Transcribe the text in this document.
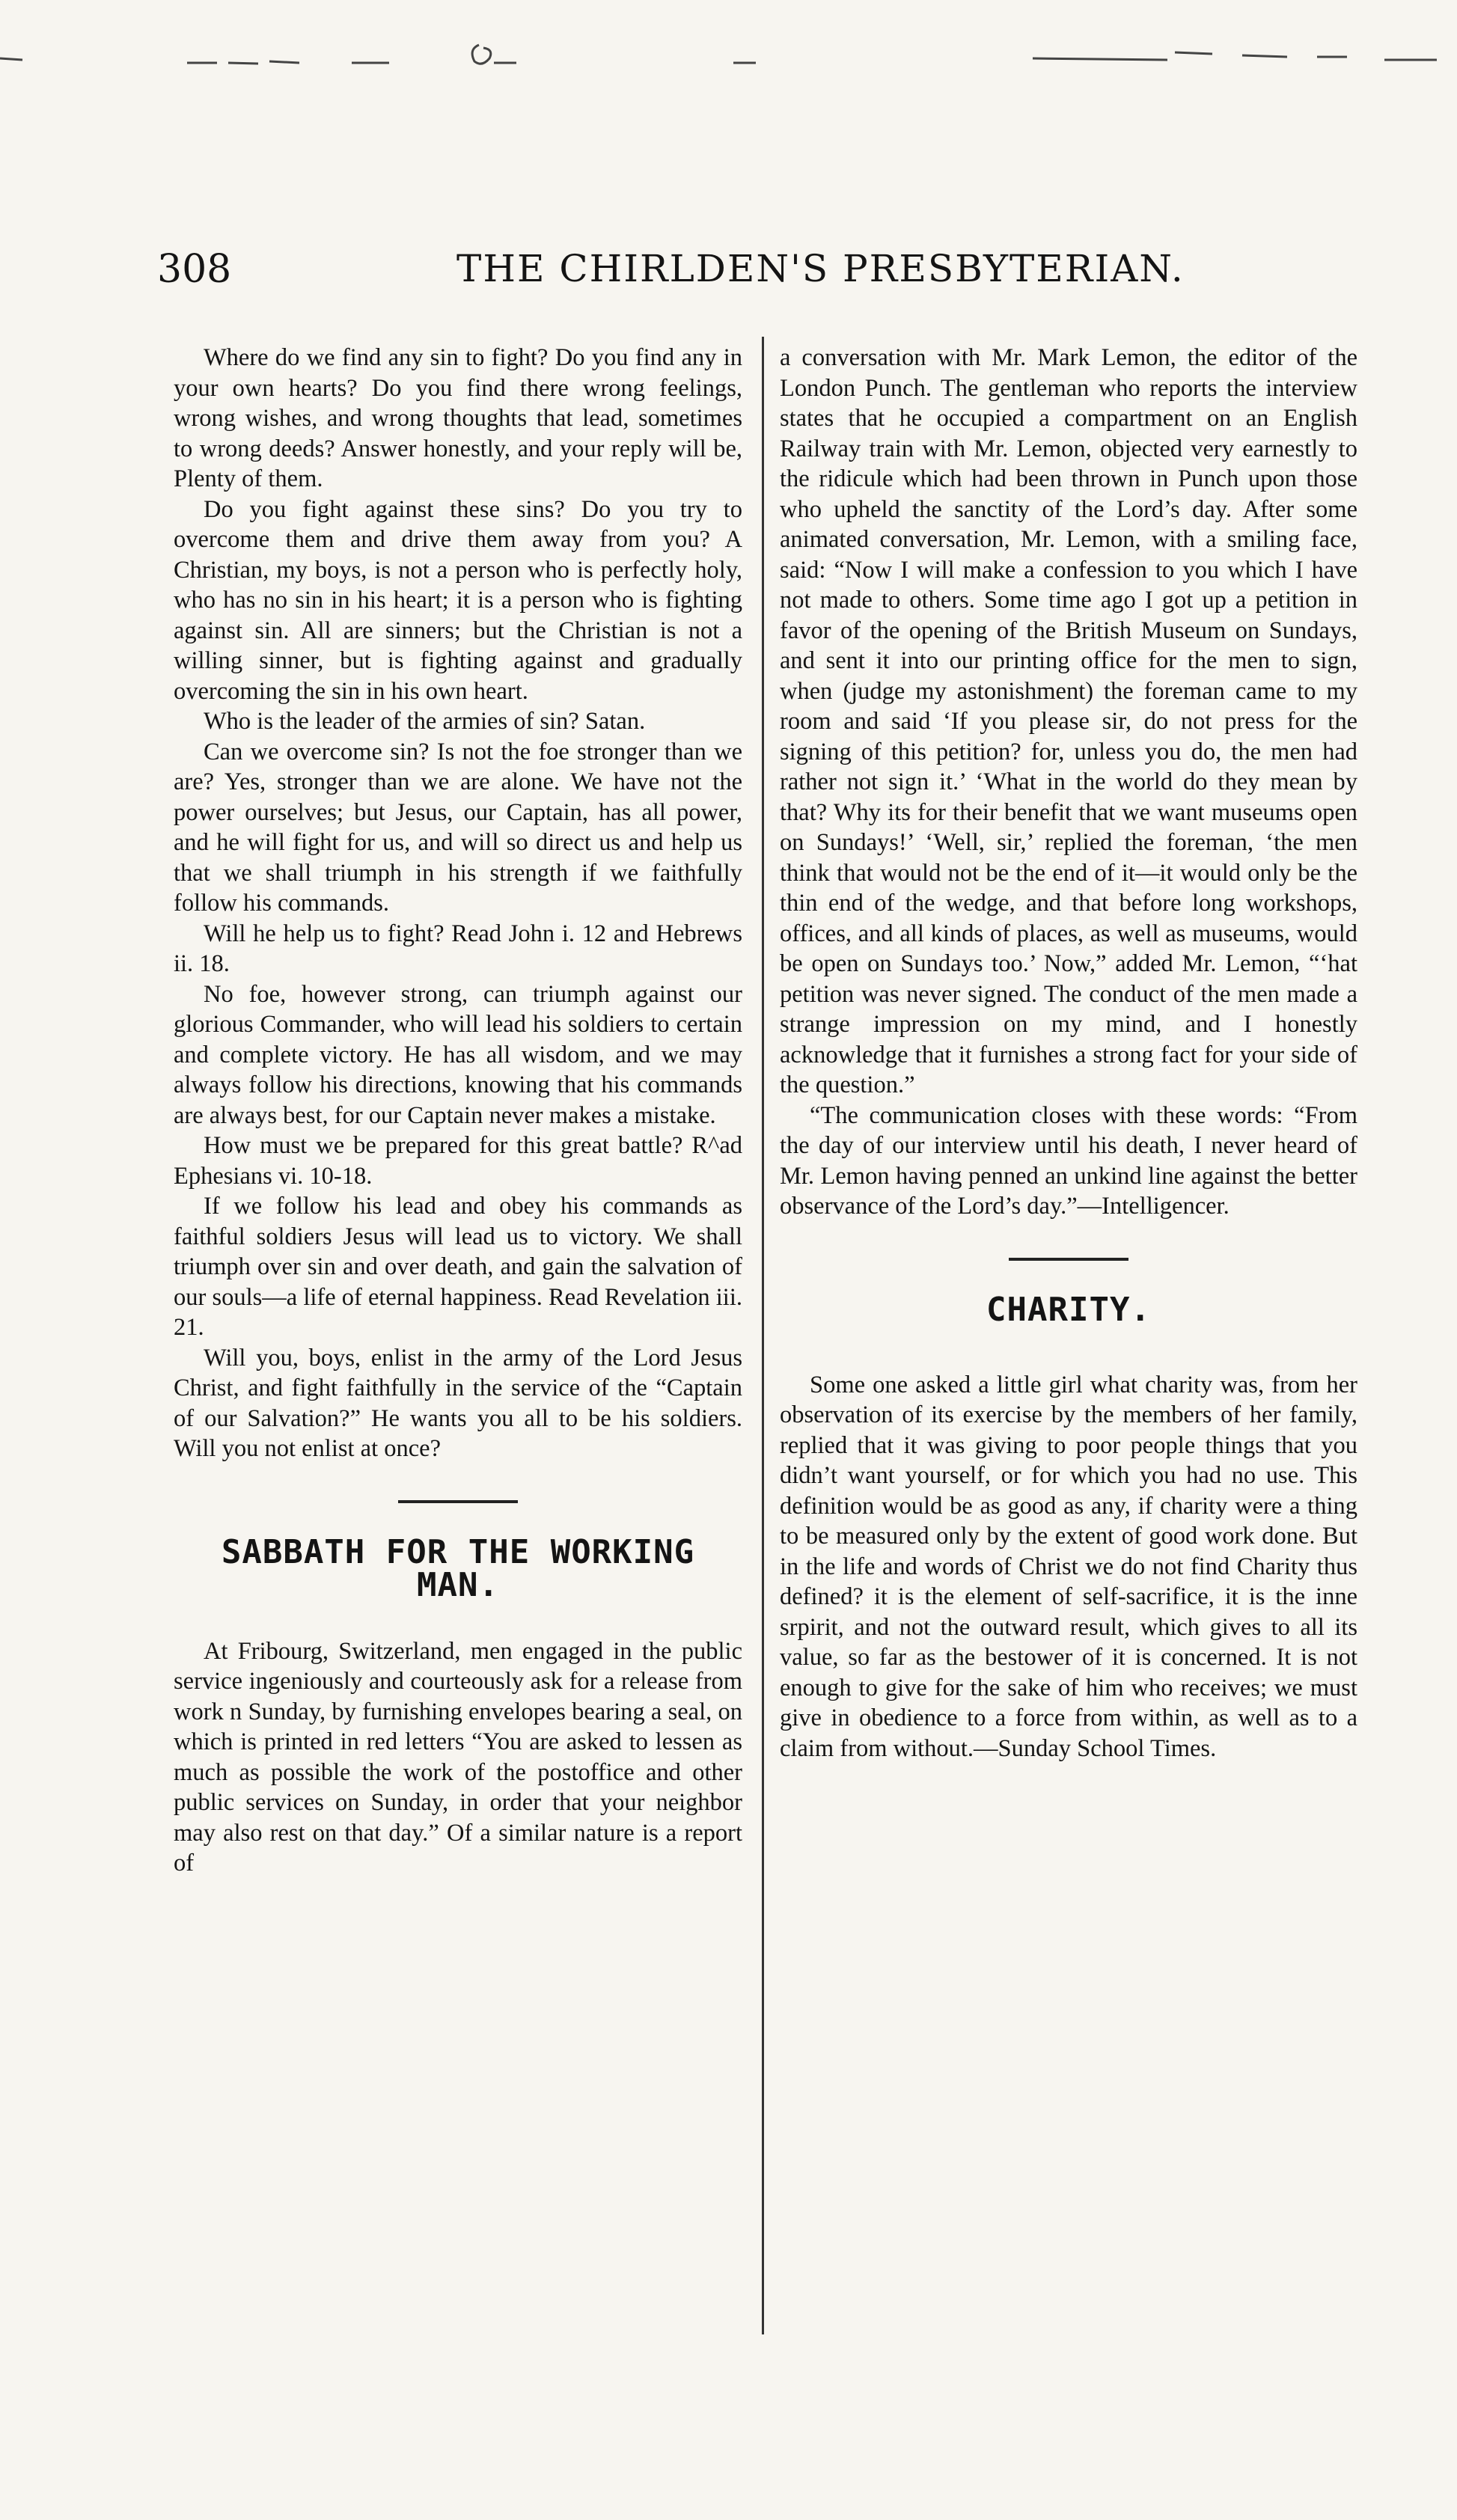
308	THE CHIRLDEN'S PRESBYTERIAN.

Where do we find any sin to fight? Do you find any in your own hearts? Do you find there wrong feelings, wrong wishes, and wrong thoughts that lead, sometimes to wrong deeds? Answer honestly, and your reply will be, Plenty of them.

Do you fight against these sins? Do you try to overcome them and drive them away from you? A Christian, my boys, is not a person who is perfectly holy, who has no sin in his heart; it is a person who is fighting against sin. All are sinners; but the Christian is not a willing sinner, but is fighting against and gradually overcoming the sin in his own heart.

Who is the leader of the armies of sin? Satan.

Can we overcome sin? Is not the foe stronger than we are? Yes, stronger than we are alone. We have not the power ourselves; but Jesus, our Captain, has all power, and he will fight for us, and will so direct us and help us that we shall triumph in his strength if we faithfully follow his commands.

Will he help us to fight? Read John i. 12 and Hebrews ii. 18.

No foe, however strong, can triumph against our glorious Commander, who will lead his soldiers to certain and complete victory. He has all wisdom, and we may always follow his directions, knowing that his commands are always best, for our Captain never makes a mistake.

How must we be prepared for this great battle? R^ad Ephesians vi. 10-18.

If we follow his lead and obey his commands as faithful soldiers Jesus will lead us to victory. We shall triumph over sin and over death, and gain the salvation of our souls—a life of eternal happiness. Read Revelation iii. 21.

Will you, boys, enlist in the army of the Lord Jesus Christ, and fight faithfully in the service of the “Captain of our Salvation?” He wants you all to be his soldiers. Will you not enlist at once?

SABBATH FOR THE WORKING MAN.

At Fribourg, Switzerland, men engaged in the public service ingeniously and courteously ask for a release from work n Sunday, by furnishing envelopes bearing a seal, on which is printed in red letters “You are asked to lessen as much as possible the work of the postoffice and other public services on Sunday, in order that your neighbor may also rest on that day.” Of a similar nature is a report of

a conversation with Mr. Mark Lemon, the editor of the London Punch. The gentleman who reports the interview states that he occupied a compartment on an English Railway train with Mr. Lemon, objected very earnestly to the ridicule which had been thrown in Punch upon those who upheld the sanctity of the Lord’s day. After some animated conversation, Mr. Lemon, with a smiling face, said: “Now I will make a confession to you which I have not made to others. Some time ago I got up a petition in favor of the opening of the British Museum on Sundays, and sent it into our printing office for the men to sign, when (judge my astonishment) the foreman came to my room and said ‘If you please sir, do not press for the signing of this petition? for, unless you do, the men had rather not sign it.’ ‘What in the world do they mean by that? Why its for their benefit that we want museums open on Sundays!’ ‘Well, sir,’ replied the foreman, ‘the men think that would not be the end of it—it would only be the thin end of the wedge, and that before long workshops, offices, and all kinds of places, as well as museums, would be open on Sundays too.’ Now,” added Mr. Lemon, “‘hat petition was never signed. The conduct of the men made a strange impression on my mind, and I honestly acknowledge that it furnishes a strong fact for your side of the question.”

“The communication closes with these words: “From the day of our interview until his death, I never heard of Mr. Lemon having penned an unkind line against the better observance of the Lord’s day.”—Intelligencer.

CHARITY.

Some one asked a little girl what charity was, from her observation of its exercise by the members of her family, replied that it was giving to poor people things that you didn’t want yourself, or for which you had no use. This definition would be as good as any, if charity were a thing to be measured only by the extent of good work done. But in the life and words of Christ we do not find Charity thus defined? it is the element of self-sacrifice, it is the inne srpirit, and not the outward result, which gives to all its value, so far as the bestower of it is concerned. It is not enough to give for the sake of him who receives; we must give in obedience to a force from within, as well as to a claim from without.—Sunday School Times.
